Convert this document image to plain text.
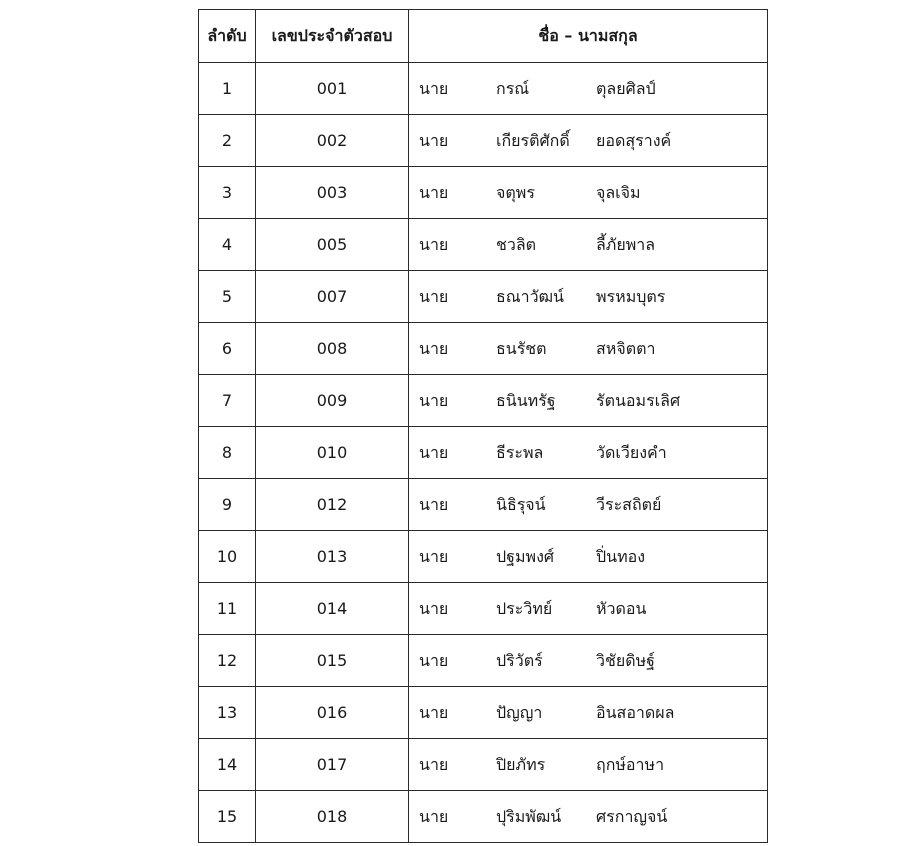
ลำดับ	เลขประจำตัวสอบ	ชื่อ – นามสกุล
1	001	นาย กรณ์ ตุลยศิลป์

2	002	นาย เกียรติศักดิ์ ยอดสุรางค์

3	003	นาย จตุพร จุลเจิม

4	005	นาย ชวลิต ลี้ภัยพาล

5	007	นาย ธณาวัฒน์ พรหมบุตร

6	008	นาย ธนรัชต สหจิตตา

7	009	นาย ธนินทรัฐ รัตนอมรเลิศ

8	010	นาย ธีระพล วัดเวียงคำ

9	012	นาย นิธิรุจน์ วีระสถิตย์

10	013	นาย ปฐมพงศ์ ปิ่นทอง

11	014	นาย ประวิทย์ หัวดอน

12	015	นาย ปริวัตร์ วิชัยดิษฐ์

13	016	นาย ปัญญา อินสอาดผล

14	017	นาย ปิยภัทร ฤกษ์อาษา

15	018	นาย ปุริมพัฒน์ ศรกาญจน์
